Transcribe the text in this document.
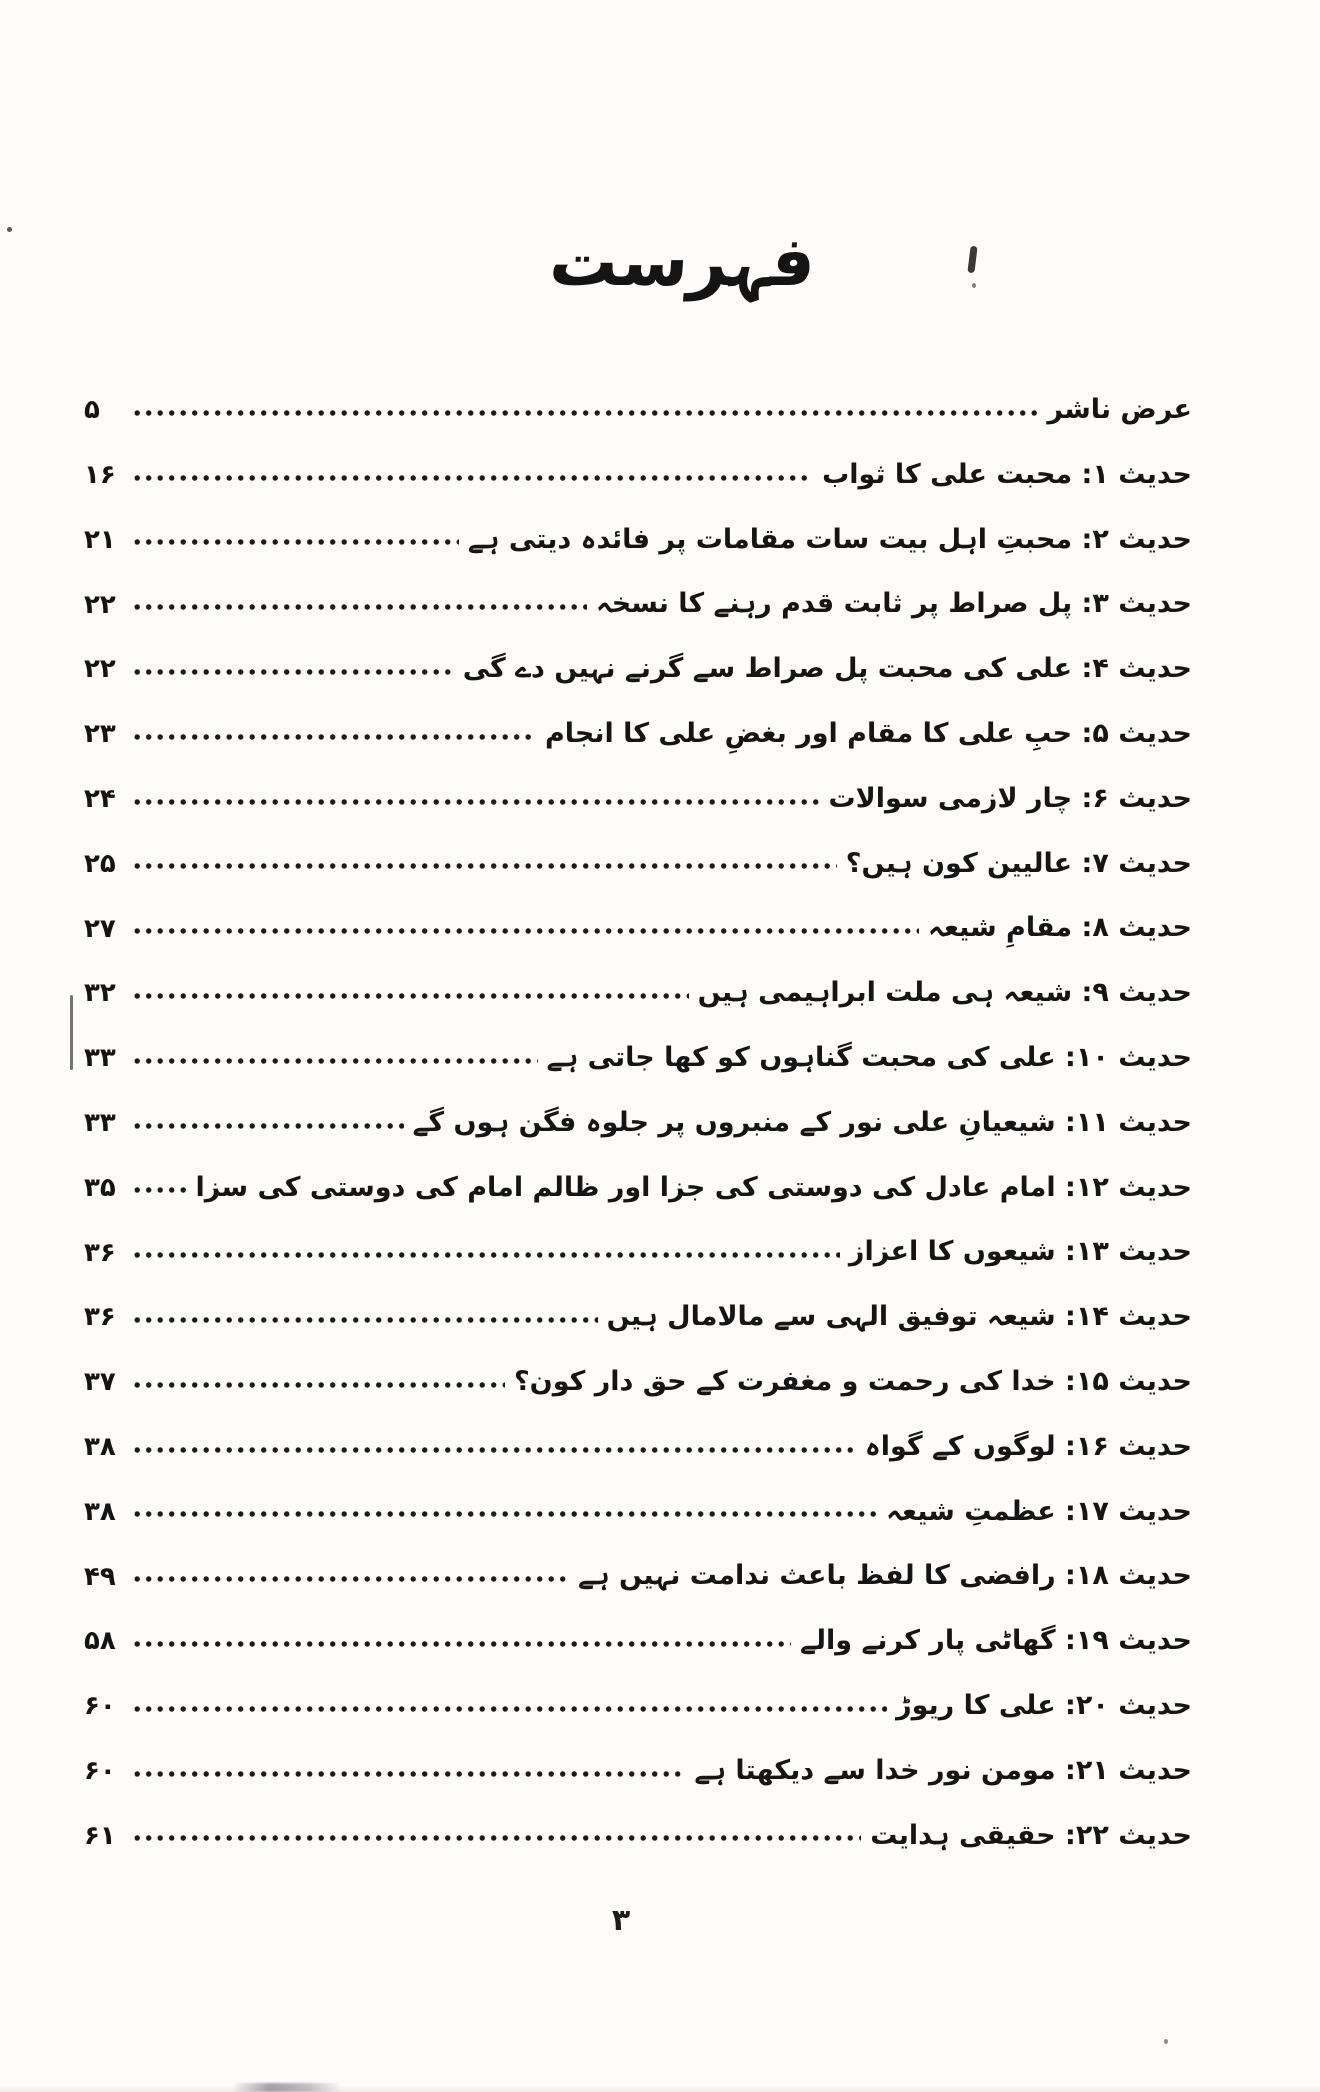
فہرست
عرض ناشر
۵
حدیث ۱: محبت علی کا ثواب
۱۶
حدیث ۲: محبتِ اہل بیت سات مقامات پر فائدہ دیتی ہے
۲۱
حدیث ۳: پل صراط پر ثابت قدم رہنے کا نسخہ
۲۲
حدیث ۴: علی کی محبت پل صراط سے گرنے نہیں دے گی
۲۲
حدیث ۵: حبِ علی کا مقام اور بغضِ علی کا انجام
۲۳
حدیث ۶: چار لازمی سوالات
۲۴
حدیث ۷: عالیین کون ہیں؟
۲۵
حدیث ۸: مقامِ شیعہ
۲۷
حدیث ۹: شیعہ ہی ملت ابراہیمی ہیں
۳۲
حدیث ۱۰: علی کی محبت گناہوں کو کھا جاتی ہے
۳۳
حدیث ۱۱: شیعیانِ علی نور کے منبروں پر جلوہ فگن ہوں گے
۳۳
حدیث ۱۲: امام عادل کی دوستی کی جزا اور ظالم امام کی دوستی کی سزا
۳۵
حدیث ۱۳: شیعوں کا اعزاز
۳۶
حدیث ۱۴: شیعہ توفیق الہی سے مالامال ہیں
۳۶
حدیث ۱۵: خدا کی رحمت و مغفرت کے حق دار کون؟
۳۷
حدیث ۱۶: لوگوں کے گواہ
۳۸
حدیث ۱۷: عظمتِ شیعہ
۳۸
حدیث ۱۸: رافضی کا لفظ باعث ندامت نہیں ہے
۴۹
حدیث ۱۹: گھاٹی پار کرنے والے
۵۸
حدیث ۲۰: علی کا ریوڑ
۶۰
حدیث ۲۱: مومن نور خدا سے دیکھتا ہے
۶۰
حدیث ۲۲: حقیقی ہدایت
۶۱
۳
